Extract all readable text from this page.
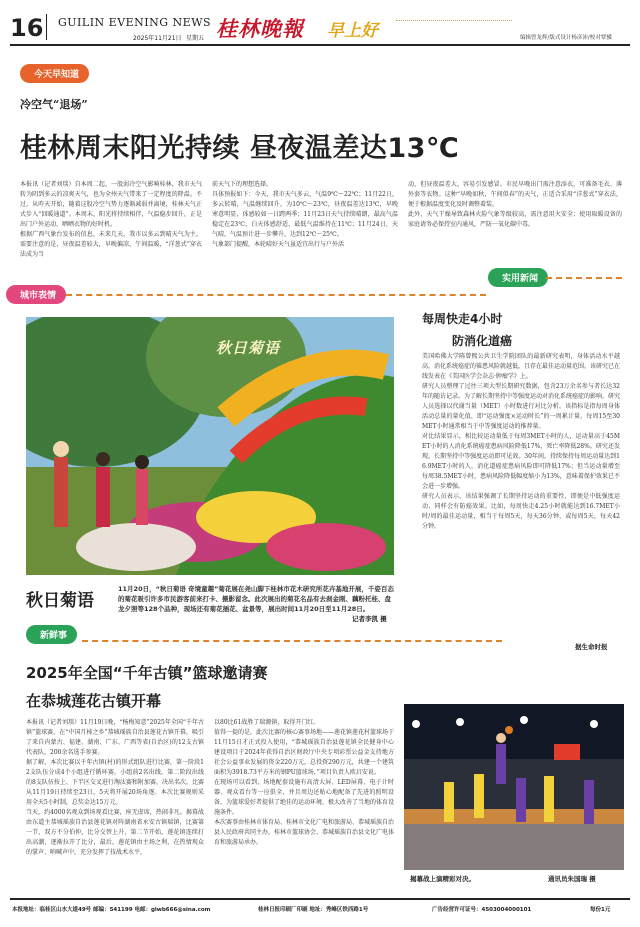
16 GUILIN EVENING NEWS
2025年11月21日 星期五 桂林晚報 早上好	编辑曾龙辉/版式设计杨彦沛/校对覃骥
今天早知道
冷空气“退场”
桂林周末阳光持续 昼夜温差达13℃
本报讯（记者刘琰）自本周二起，一股弱冷空气影响桂林，我市天气转为阴到多云的凉爽天气，也为全州天气带来了一定程度的降温。不过，从昨天开始，随着这股冷空气势力逐渐减弱并离境，桂林天气正式步入“回暖通道”。本周末，阳光将持续相伴，气温稳步回升，正是出门户外运动、晒晒衣物的好时机。
根据广西气象台发布的信息，未来几天，我市以多云到晴天气为主，需要注意的是，昼夜温差较大，早晚偏凉，午间温暖，“洋葱式”穿衣法成为当
前天气下的理想选择。
具体预报如下：今天，我市天气多云，气温9℃～22℃；11月22日，多云转晴，气温继续回升，为10℃～23℃，昼夜温差达13℃，早晚寒意明显，体感较如一日跨两季；11月23日天气持续晴朗，最高气温稳定在23℃，白天体感舒适，最低气温维持在11℃；11月24日，天气晴，气温预计进一步攀升，达到12℃～25℃。
气象部门提醒，本轮晴好天气虽适宜出行与户外活
动，但昼夜温差大，容易引发感冒。市民早晚出门需注意添衣，可准备毛衣、薄外套等衣物。这种“早晚如秋，午间似春”的天气，正适合采用“洋葱式”穿衣法，便于根据温度变化及时调整着装。
此外，天气干燥导致森林火险气象等级较高，需注意用火安全；使用取暖设备的家庭请务必保持室内通风，严防一氧化碳中毒。
城市表情
秋日菊语
秋日菊语
11月20日，“秋日菊语 奇境童趣”菊花展在尧山脚下桂林市花木研究所花卉基地开展，千姿百态的菊花吸引许多市民游客前来打卡、摄影留念。此次展出的菊花名品有去刹金刚、藕粉托桂、盘龙夕照等128个品种，现场还有菊花插花、盆景等，展出时间11月20日至11月28日。
记者李凯 摄
实用新闻
每周快走4小时
防消化道癌
美国哈佛大学陈曾熙公共卫生学院团队的最新研究表明，身体活动水平越高，消化系统癌症的罹患风险就越低，且存在最佳运动量范围。该研究已在线发表在《美国医学会杂志·肿瘤学》上。
研究人员整理了过往三项大型长期研究数据，包含23万余名参与者长达32年的随访记录。为了解长期坚持中等强度运动对消化系统癌症的影响，研究人员选择以代谢当量（MET）小时数进行对比分析。该指标是指每周身体活动总量的量化值，即“运动强度×运动时长”的一周累计量。每周15至30MET小时通常相当于中等强度运动的推荐量。
对比结果显示，相比较运动量低于每周3MET小时的人，运动量高于45MET小时的人消化系统癌症患病风险降低17%，死亡率降低28%。研究还发现，长期坚持中等强度运动即可见效。30年间，持续保持每周运动量达到16.9MET小时的人，消化道癌症患病风险即可降低17%；但当运动量增至每周38.5MET小时，患病风险降低幅度缩小为13%，意味着保护效果已不会进一步增强。
研究人员表示，该结果强调了长期坚持运动的重要性，即便是中低强度运动，同样会有防癌效果。比如，每周快走4.25小时就能达到16.7MET小时/周的最佳运动量，相当于每周5天，每天36分钟，或每周5天，每天42分钟。
据生命时报
新鲜事
2025年全国“千年古镇”篮球邀请赛
在恭城莲花古镇开幕
本报讯（记者刘琰）11月19日晚，“杨梅知意”2025年全国“千年古镇”篮球赛，在“中国月柿之乡”恭城瑶族自治县莲花古镇开幕，吸引了来自内蒙古、福建、湖南、广东、广西等省(自治区)的12支古镇代表队，200余名选手参赛。
据了解，本次比赛以千年古镇(村)的形式组队进行比赛，第一阶段12支队伍分成4个小组进行循环赛，小组前2名出线，第二阶段出线的8支队伍按上、下半区交叉进行淘汰赛和附加赛，决出名次。比赛从11月19日持续至23日，5天将开展20场角逐。本次比赛规则采用全天5小时制，总奖金达15万元。
当天，约4000名观众到场观看比赛，座无虚席，热闹非凡。揭幕战由东道主恭城瑶族自治县莲花镇对阵湖南省永安古镇瑞镇，比赛第一节，双方不分伯仲，比分交替上升，第二节开始，莲花镇连续打出高潮，逐渐拉开了比分，最后，莲花镇由主场之利，在热情观众的掌声、呐喊声中，充分发挥了技战术水平，
以80比61战胜了瑞源镇，取得开门红。
值得一提的是，此次比赛的核心赛事场地——莲花镇莲花村篮球场于11月15日才正式投入使用，“恭城瑶族自治县莲花镇全民健身中心建设项目于2024年获得自治区财政厅中央专项彩票公益金支持地方社会公益事业发展的资金220万元，总投资290万元，共建一个建筑面积为3918.73平方米的钢PU篮球场，”项目负责人欧启安说。
在现场可以看到，场地配套设施有高清大屏、LED屏幕、电子计时器、观众看台等一应俱全，并且周边还贴心地配备了先进的照明设备，为篮球爱好者提供了绝佳的运动环境，极大改善了当地的体育设施条件。
本次赛事由桂林市体育局、桂林市文化广电和旅游局、恭城瑶族自治县人民政府共同主办，桂林市篮球协会、恭城瑶族自治县文化广电体育和旅游局承办。
揭幕战上演精彩对决。	通讯员朱国瑞 摄
本报地址：临桂区山水大道49号 邮编：541199 电邮：glwb666@sina.com	桂林日报印刷厂印刷 地址：秀峰区铁西路1号	广告经营许可证号：4503004000101	每份1元
